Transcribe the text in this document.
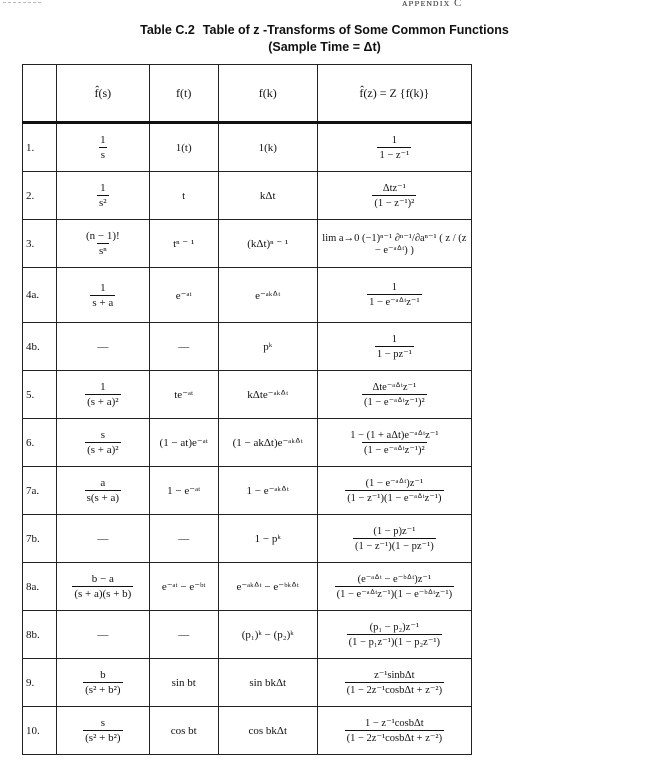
ᴀᴘᴘᴇɴᴅɪx C
Table C.2 Table of z -Transforms of Some Common Functions
(Sample Time = Δt)
	f̂(s)	f(t)	f(k)	f̂(z) = Z {f(k)}
1.	$\frac{1}{s}$	1(t)	1(k)	$\frac{1}{\text{1 − z⁻¹}}$

2.	$\frac{1}{\text{s²}}$	t	kΔt	$\frac{\text{Δtz⁻¹}}{\text{(1 − z⁻¹)²}}$

3.	$\frac{(n - 1)!}{\text{sⁿ}}$	tⁿ ⁻ ¹	(kΔt)ⁿ ⁻ ¹	lim a→0 (−1)ⁿ⁻¹ ∂ⁿ⁻¹/∂aⁿ⁻¹ ( z / (z − e⁻ᵃᐞᵗ) )
4a.	$\frac{1}{s + a}$	e⁻ᵃᵗ	e⁻ᵃᵏᐞᵗ	$\frac{1}{\text{1 − e⁻ᵃᐞᵗz⁻¹}}$

4b.	—	—	pᵏ	$\frac{1}{\text{1 − pz⁻¹}}$

5.	$\frac{1}{\text{(s + a)²}}$	te⁻ᵃᵗ	kΔte⁻ᵃᵏᐞᵗ	$\frac{\text{Δte⁻ᵃᐞᵗz⁻¹}}{\text{(1 − e⁻ᵃᐞᵗz⁻¹)²}}$

6.	$\frac{s}{\text{(s + a)²}}$	(1 − at)e⁻ᵃᵗ	(1 − akΔt)e⁻ᵃᵏᐞᵗ	$\frac{\text{1 − (1 + aΔt)e⁻ᵃᐞᵗz⁻¹}}{\text{(1 − e⁻ᵃᐞᵗz⁻¹)²}}$

7a.	$\frac{a}{s(s + a)}$	1 − e⁻ᵃᵗ	1 − e⁻ᵃᵏᐞᵗ	$\frac{\text{(1 − e⁻ᵃᐞᵗ)z⁻¹}}{\text{(1 − z⁻¹)(1 − e⁻ᵃᐞᵗz⁻¹)}}$

7b.	—	—	1 − pᵏ	$\frac{\text{(1 − p)z⁻¹}}{\text{(1 − z⁻¹)(1 − pz⁻¹)}}$

8a.	$\frac{b - a}{(s + a)(s + b)}$	e⁻ᵃᵗ − e⁻ᵇᵗ	e⁻ᵃᵏᐞᵗ − e⁻ᵇᵏᐞᵗ	$\frac{\text{(e⁻ᵃᐞᵗ − e⁻ᵇᐞᵗ)z⁻¹}}{\text{(1 − e⁻ᵃᐞᵗz⁻¹)(1 − e⁻ᵇᐞᵗz⁻¹)}}$

8b.	—	—	(p₁)ᵏ − (p₂)ᵏ	$\frac{\text{(p₁ − p₂)z⁻¹}}{\text{(1 − p₁z⁻¹)(1 − p₂z⁻¹)}}$

9.	$\frac{b}{\text{(s² + b²)}}$	sin bt	sin bkΔt	$\frac{\text{z⁻¹sinbΔt}}{\text{(1 − 2z⁻¹cosbΔt + z⁻²)}}$

10.	$\frac{s}{\text{(s² + b²)}}$	cos bt	cos bkΔt	$\frac{\text{1 − z⁻¹cosbΔt}}{\text{(1 − 2z⁻¹cosbΔt + z⁻²)}}$
